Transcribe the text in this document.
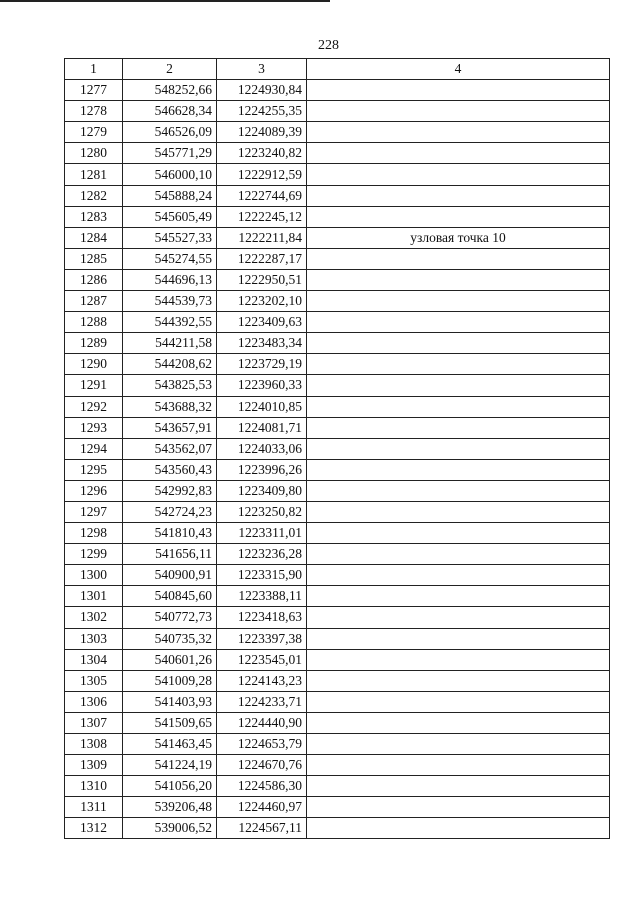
228
1	2	3	4
1277	548252,66	1224930,84	
1278	546628,34	1224255,35	
1279	546526,09	1224089,39	
1280	545771,29	1223240,82	
1281	546000,10	1222912,59	
1282	545888,24	1222744,69	
1283	545605,49	1222245,12	
1284	545527,33	1222211,84	узловая точка 10
1285	545274,55	1222287,17	
1286	544696,13	1222950,51	
1287	544539,73	1223202,10	
1288	544392,55	1223409,63	
1289	544211,58	1223483,34	
1290	544208,62	1223729,19	
1291	543825,53	1223960,33	
1292	543688,32	1224010,85	
1293	543657,91	1224081,71	
1294	543562,07	1224033,06	
1295	543560,43	1223996,26	
1296	542992,83	1223409,80	
1297	542724,23	1223250,82	
1298	541810,43	1223311,01	
1299	541656,11	1223236,28	
1300	540900,91	1223315,90	
1301	540845,60	1223388,11	
1302	540772,73	1223418,63	
1303	540735,32	1223397,38	
1304	540601,26	1223545,01	
1305	541009,28	1224143,23	
1306	541403,93	1224233,71	
1307	541509,65	1224440,90	
1308	541463,45	1224653,79	
1309	541224,19	1224670,76	
1310	541056,20	1224586,30	
1311	539206,48	1224460,97	
1312	539006,52	1224567,11	
